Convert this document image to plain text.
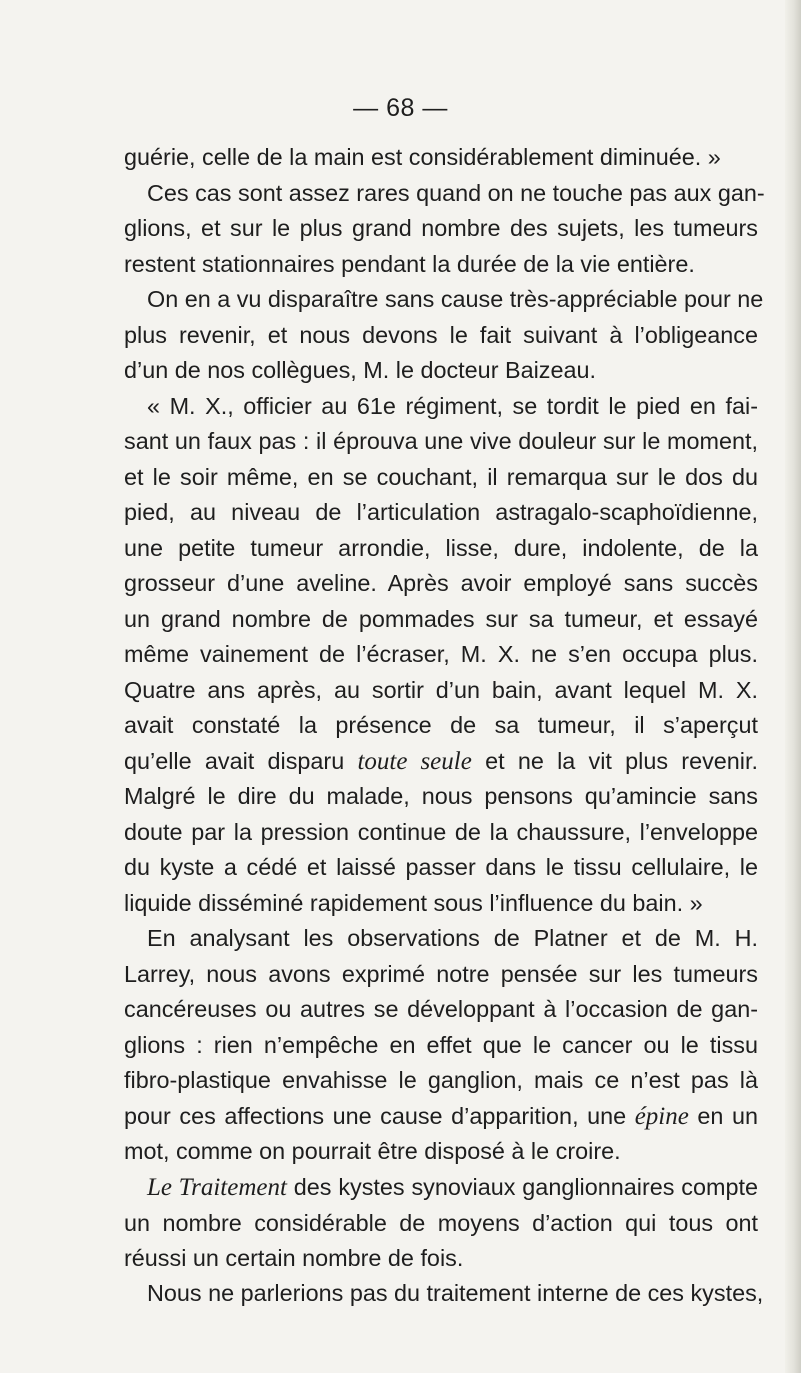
— 68 —
guérie, celle de la main est considérablement diminuée. »
Ces cas sont assez rares quand on ne touche pas aux gan-
glions, et sur le plus grand nombre des sujets, les tumeurs
restent stationnaires pendant la durée de la vie entière.
On en a vu disparaître sans cause très-appréciable pour ne
plus revenir, et nous devons le fait suivant à l’obligeance
d’un de nos collègues, M. le docteur Baizeau.
« M. X., officier au 61e régiment, se tordit le pied en fai-
sant un faux pas : il éprouva une vive douleur sur le moment,
et le soir même, en se couchant, il remarqua sur le dos du
pied, au niveau de l’articulation astragalo-scaphoïdienne,
une petite tumeur arrondie, lisse, dure, indolente, de la
grosseur d’une aveline. Après avoir employé sans succès
un grand nombre de pommades sur sa tumeur, et essayé
même vainement de l’écraser, M. X. ne s’en occupa plus.
Quatre ans après, au sortir d’un bain, avant lequel M. X.
avait constaté la présence de sa tumeur, il s’aperçut
qu’elle avait disparu toute seule et ne la vit plus revenir.
Malgré le dire du malade, nous pensons qu’amincie sans
doute par la pression continue de la chaussure, l’enveloppe
du kyste a cédé et laissé passer dans le tissu cellulaire, le
liquide disséminé rapidement sous l’influence du bain. »
En analysant les observations de Platner et de M. H.
Larrey, nous avons exprimé notre pensée sur les tumeurs
cancéreuses ou autres se développant à l’occasion de gan-
glions : rien n’empêche en effet que le cancer ou le tissu
fibro-plastique envahisse le ganglion, mais ce n’est pas là
pour ces affections une cause d’apparition, une épine en un
mot, comme on pourrait être disposé à le croire.
Le Traitement des kystes synoviaux ganglionnaires compte
un nombre considérable de moyens d’action qui tous ont
réussi un certain nombre de fois.
Nous ne parlerions pas du traitement interne de ces kystes,
